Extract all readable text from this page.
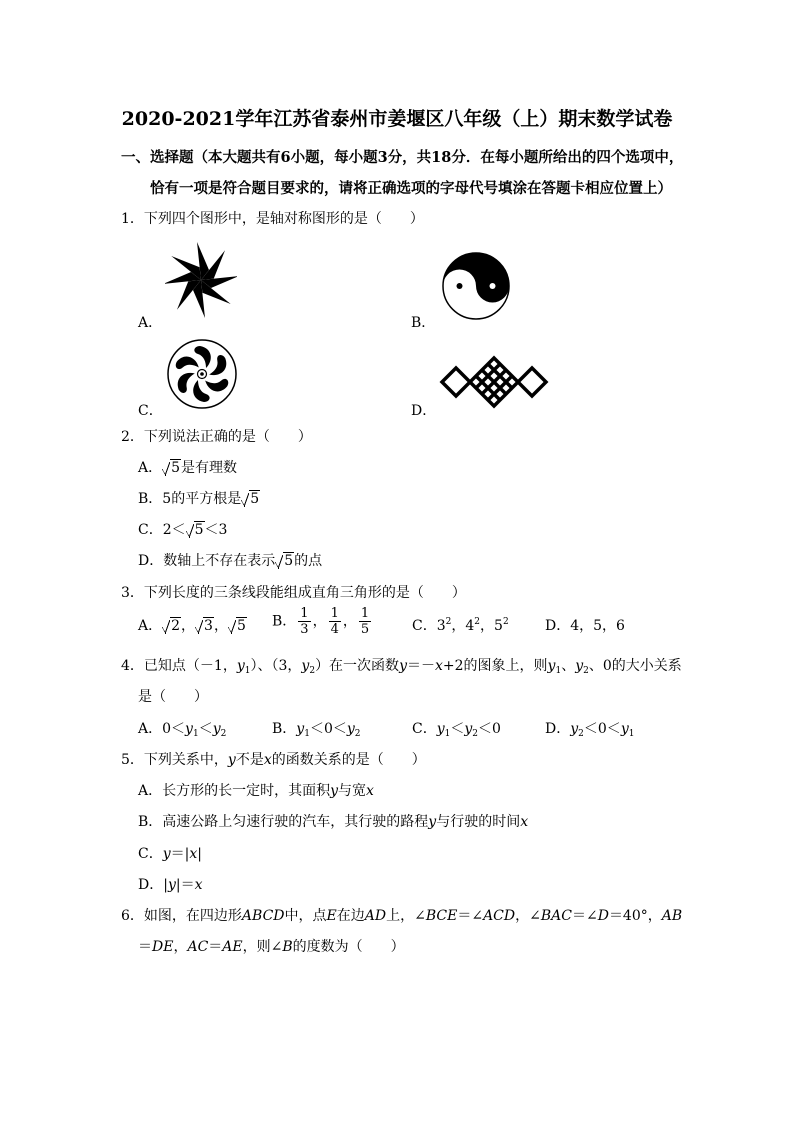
2020-2021学年江苏省泰州市姜堰区八年级（上）期末数学试卷
一、选择题（本大题共有6小题，每小题3分，共18分．在每小题所给出的四个选项中，
恰有一项是符合题目要求的，请将正确选项的字母代号填涂在答题卡相应位置上）
1．下列四个图形中，是轴对称图形的是（　　）
A．	B．
C．	D．
2．下列说法正确的是（　　）
A． 5是有理数
B．5的平方根是 5
C．2＜ 5＜3
D．数轴上不存在表示 5的点
3．下列长度的三条线段能组成直角三角形的是（　　）
A． 2， 3， 5 B． $\frac{1}{3}$ ， $\frac{1}{4}$ ， $\frac{1}{5}$	C．$3^2$，$4^2$，$5^2$	D．4，5，6
4．已知点（－1，$y_1$）、（3，$y_2$）在一次函数y＝－x+2的图象上，则$y_1$、$y_2$、0的大小关系
是（　　）
A．$0<y_1<y_2$	B．$y_1<0<y_2$	C．$y_1<y_2<0$	D．$y_2<0<y_1$
5．下列关系中，y不是x的函数关系的是（　　）
A．长方形的长一定时，其面积y与宽x
B．高速公路上匀速行驶的汽车，其行驶的路程y与行驶的时间x
C．y＝|x|
D．|y|＝x
6．如图，在四边形ABCD中，点E在边AD上，∠BCE＝∠ACD，∠BAC＝∠D＝40°，AB
＝DE，AC＝AE，则∠B的度数为（　　）
